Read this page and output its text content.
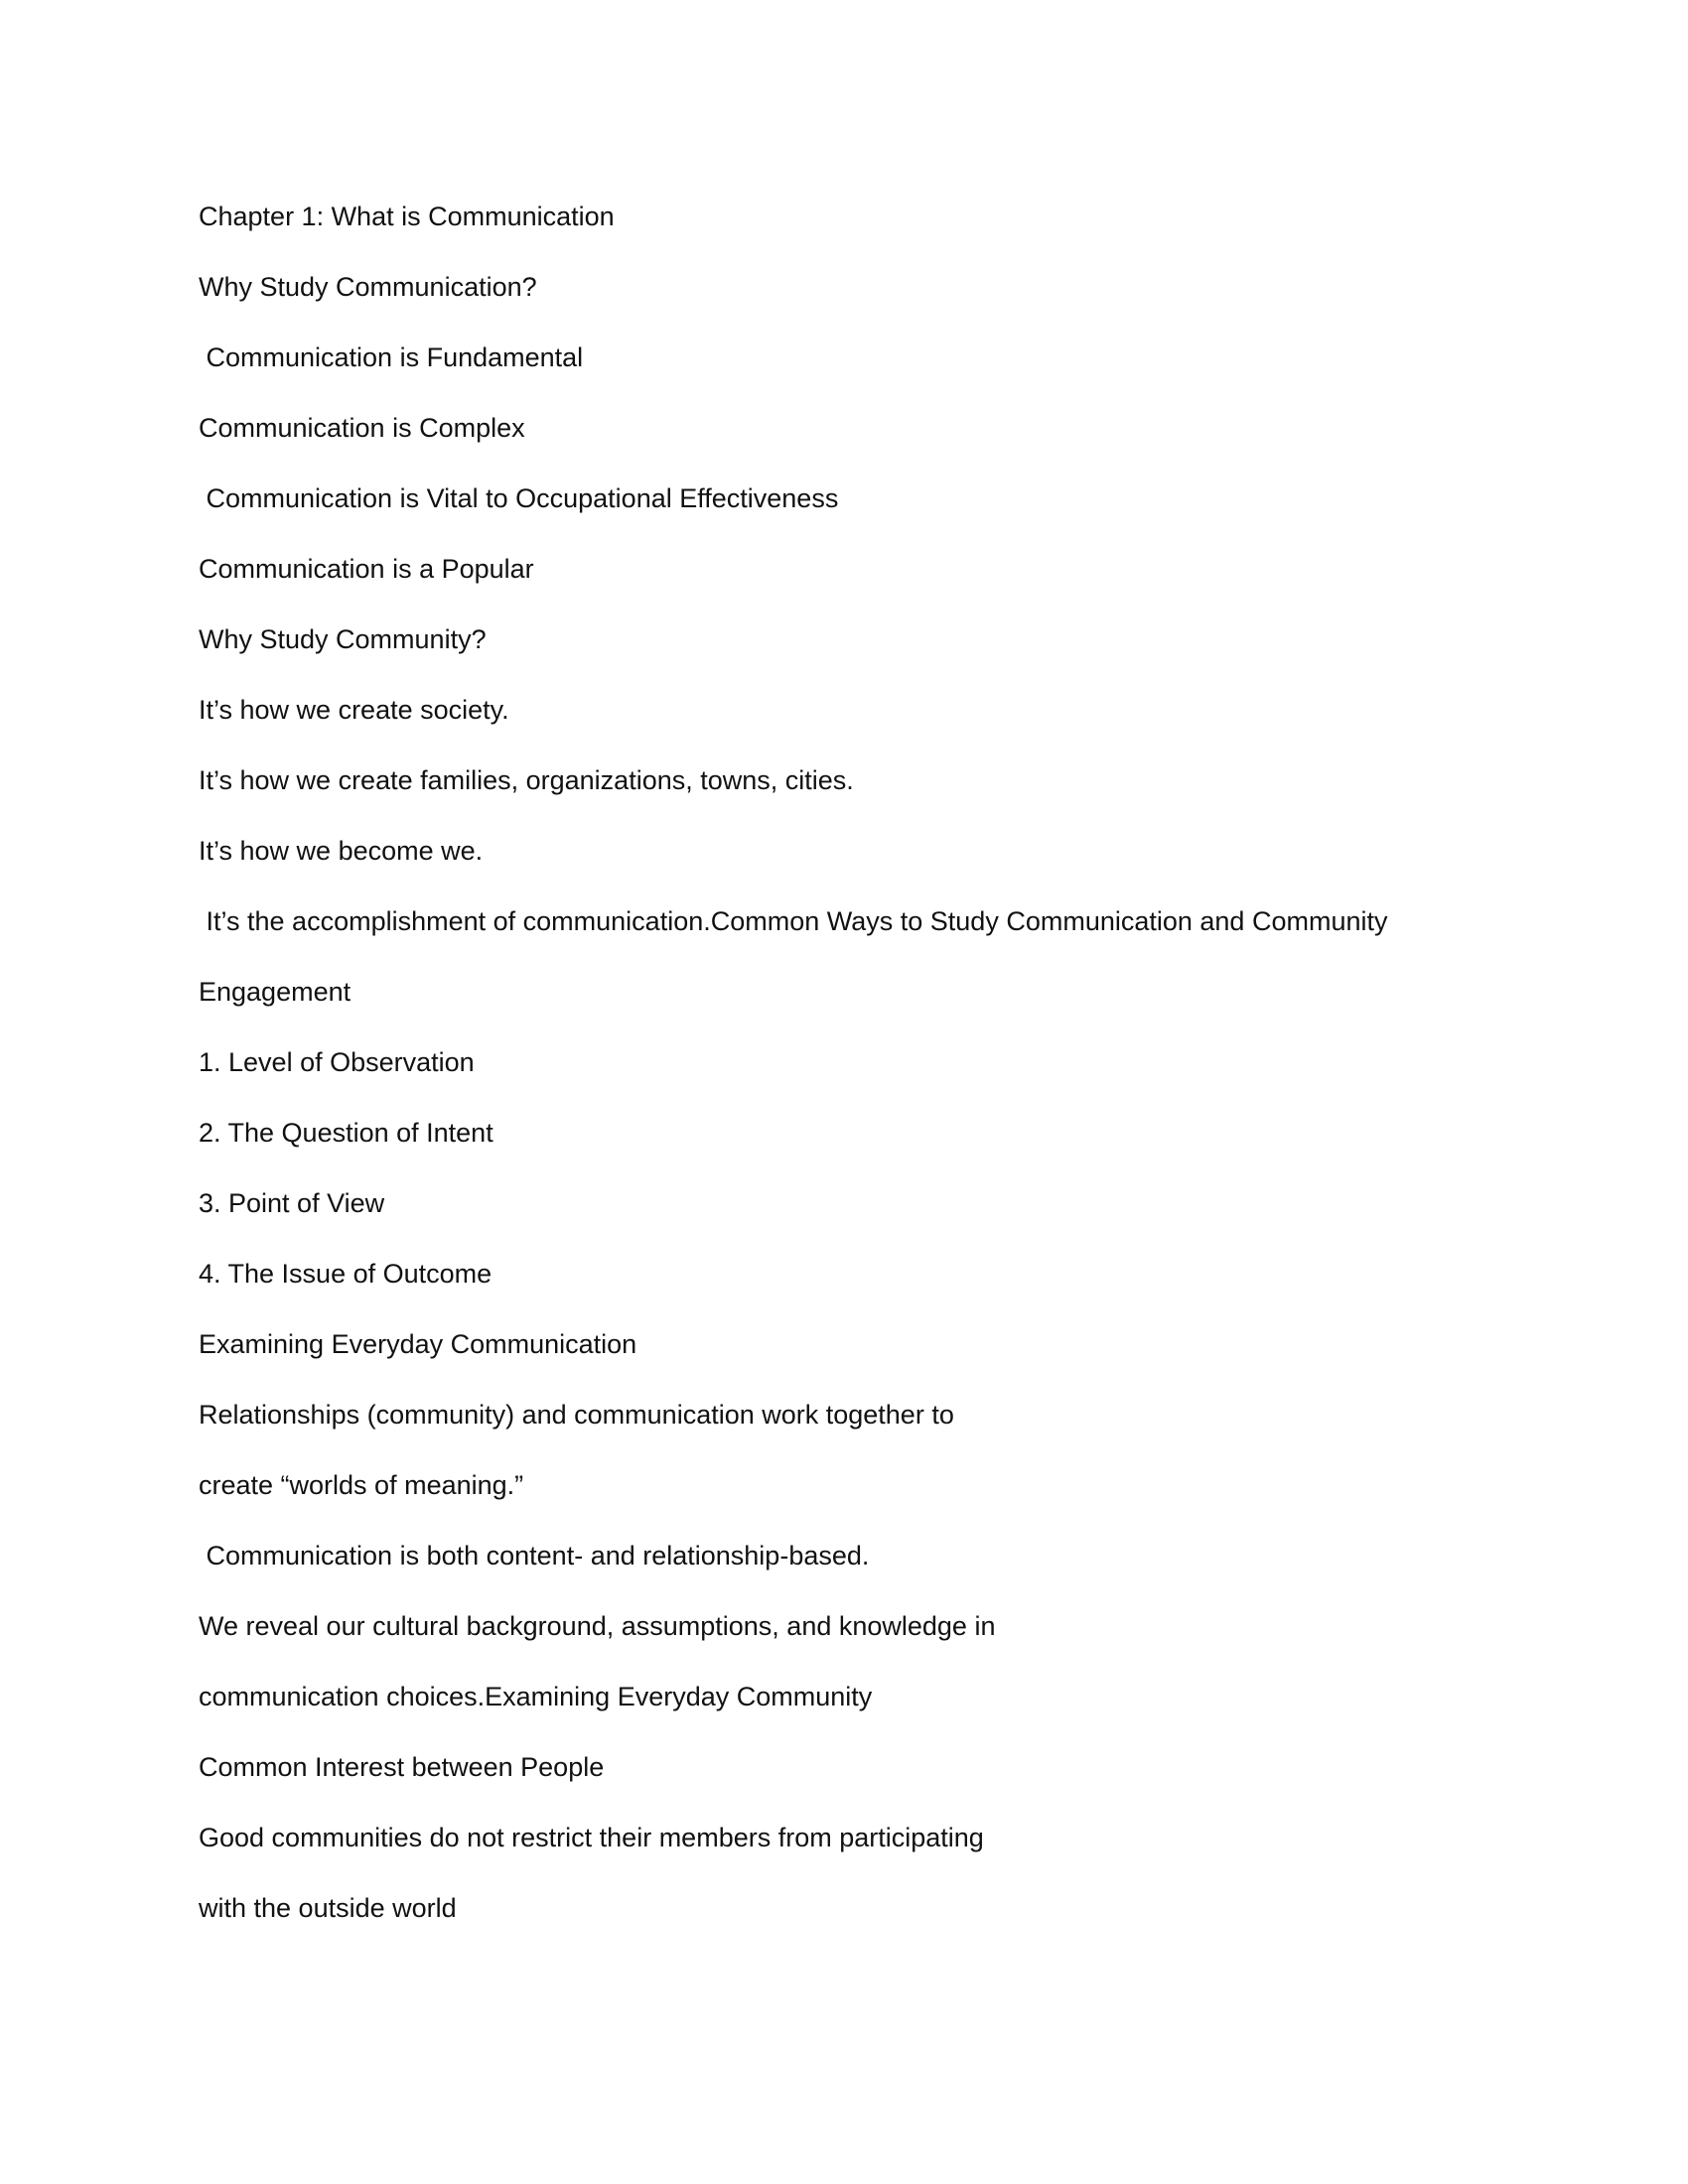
Chapter 1: What is Communication
Why Study Communication?
Communication is Fundamental
Communication is Complex
Communication is Vital to Occupational Effectiveness
Communication is a Popular
Why Study Community?
It’s how we create society.
It’s how we create families, organizations, towns, cities.
It’s how we become we.
It’s the accomplishment of communication.Common Ways to Study Communication and Community
Engagement
1. Level of Observation
2. The Question of Intent
3. Point of View
4. The Issue of Outcome
Examining Everyday Communication
Relationships (community) and communication work together to
create “worlds of meaning.”
Communication is both content- and relationship-based.
We reveal our cultural background, assumptions, and knowledge in
communication choices.Examining Everyday Community
Common Interest between People
Good communities do not restrict their members from participating
with the outside world
